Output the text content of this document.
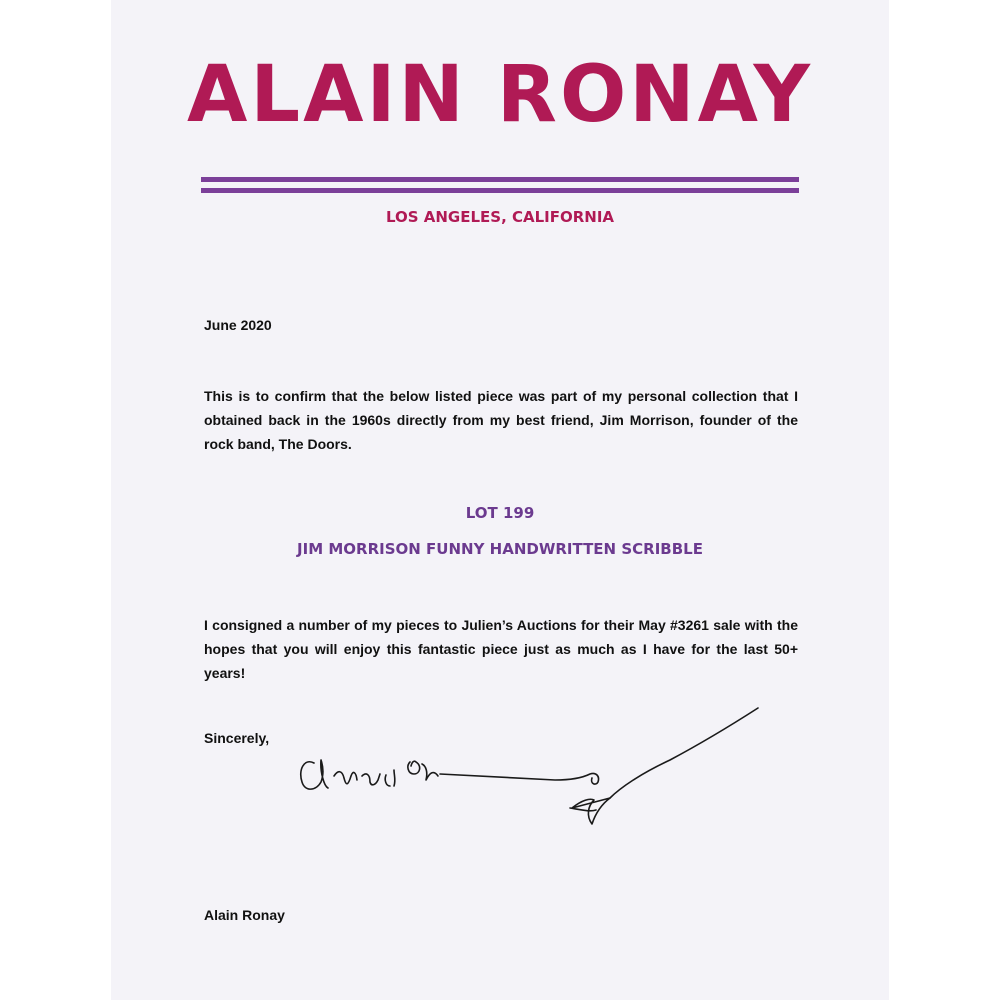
ALAIN RONAY
LOS ANGELES, CALIFORNIA
June 2020
This is to confirm that the below listed piece was part of my personal collection that I obtained back in the 1960s directly from my best friend, Jim Morrison, founder of the rock band, The Doors.
LOT 199
JIM MORRISON FUNNY HANDWRITTEN SCRIBBLE
I consigned a number of my pieces to Julien’s Auctions for their May #3261 sale with the hopes that you will enjoy this fantastic piece just as much as I have for the last 50+ years!
Sincerely,
Alain Ronay
